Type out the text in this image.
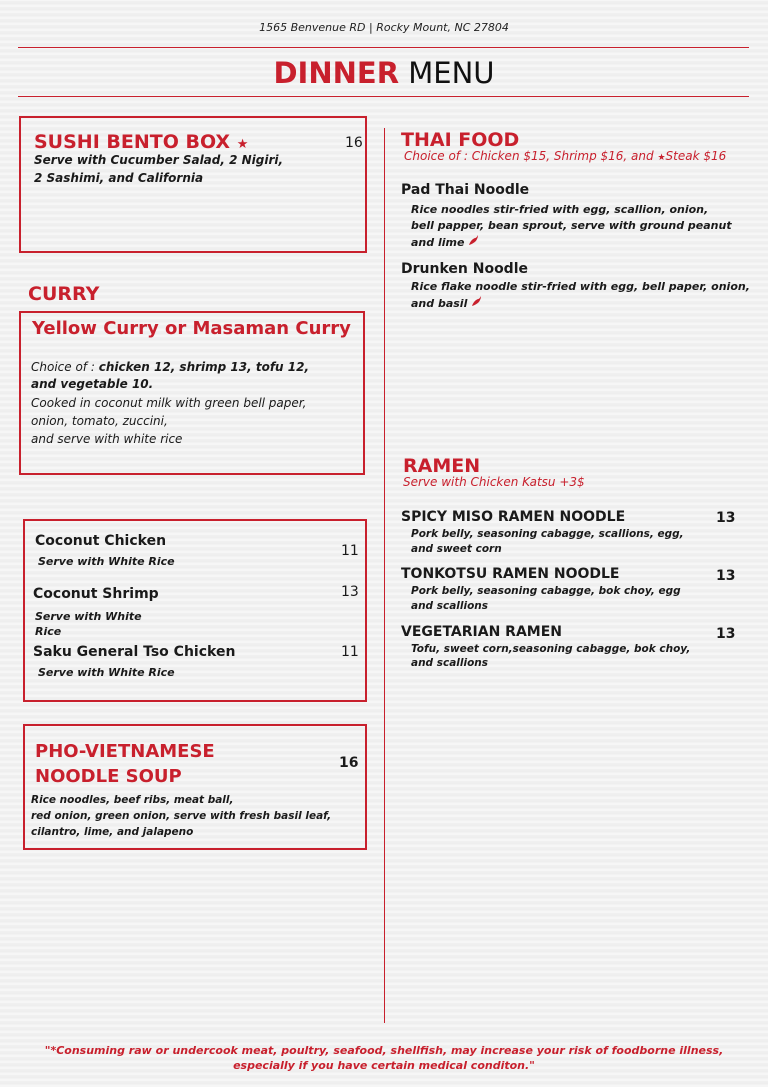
1565 Benvenue RD | Rocky Mount, NC 27804
DINNER MENU
SUSHI BENTO BOX ★	16
Serve with Cucumber Salad, 2 Nigiri,
2 Sashimi, and California
CURRY
Yellow Curry or Masaman Curry
Choice of : chicken 12, shrimp 13, tofu 12,
and vegetable 10.
Cooked in coconut milk with green bell paper,
onion, tomato, zuccini,
and serve with white rice
Coconut Chicken
11
Serve with White Rice
Coconut Shrimp	13
Serve with White
Rice
Saku General Tso Chicken	11
Serve with White Rice
PHO-VIETNAMESE
NOODLE SOUP
16
Rice noodles, beef ribs, meat ball,
red onion, green onion, serve with fresh basil leaf,
cilantro, lime, and jalapeno
THAI FOOD
Choice of : Chicken $15, Shrimp $16, and ★Steak $16
Pad Thai Noodle
Rice noodles stir-fried with egg, scallion, onion,
bell papper, bean sprout, serve with ground peanut
and lime
Drunken Noodle
Rice flake noodle stir-fried with egg, bell paper, onion,
and basil
RAMEN
Serve with Chicken Katsu +3$
SPICY MISO RAMEN NOODLE	13
Pork belly, seasoning cabagge, scallions, egg,
and sweet corn
TONKOTSU RAMEN NOODLE	13
Pork belly, seasoning cabagge, bok choy, egg
and scallions
VEGETARIAN RAMEN	13
Tofu, sweet corn,seasoning cabagge, bok choy,
and scallions
"*Consuming raw or undercook meat, poultry, seafood, shellfish, may increase your risk of foodborne illness,
especially if you have certain medical conditon."
